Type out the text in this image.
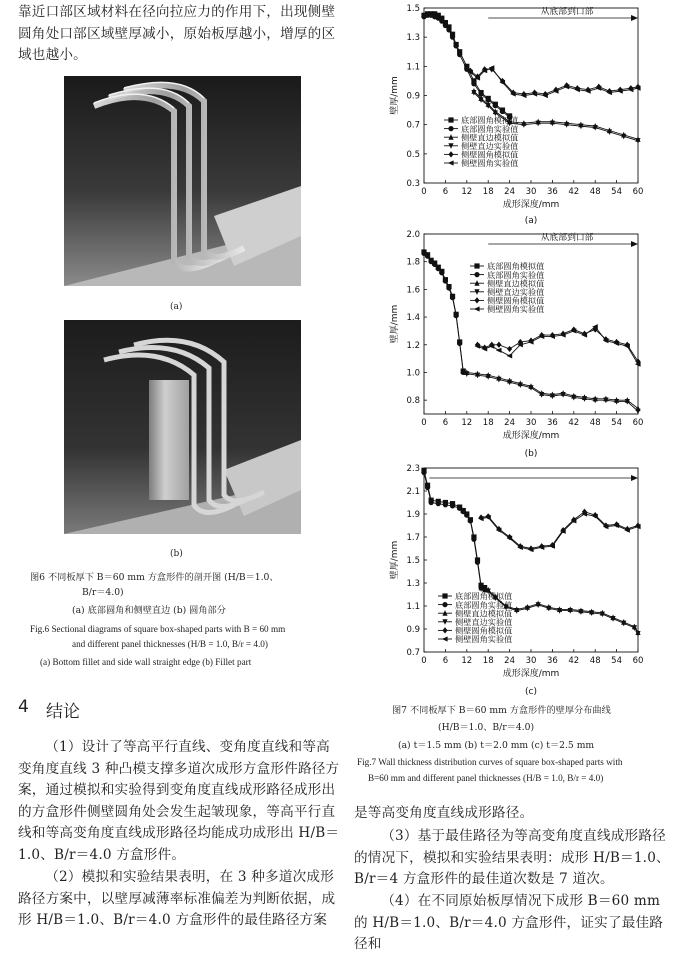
靠近口部区域材料在径向拉应力的作用下，出现侧壁圆角处口部区域壁厚减小，原始板厚越小，增厚的区域也越小。
(a)
(b)
图6 不同板厚下 B＝60 mm 方盒形件的剖开图 (H/B＝1.0、
B/r＝4.0)
(a) 底部圆角和侧壁直边 (b) 圆角部分
Fig.6 Sectional diagrams of square box-shaped parts with B = 60 mm
and different panel thicknesses (H/B = 1.0, B/r = 4.0)
(a) Bottom fillet and side wall straight edge (b) Fillet part
4 结论
（1）设计了等高平行直线、变角度直线和等高变角度直线 3 种凸模支撑多道次成形方盒形件路径方案，通过模拟和实验得到变角度直线成形路径成形出的方盒形件侧壁圆角处会发生起皱现象，等高平行直线和等高变角度直线成形路径均能成功成形出 H/B＝1.0、B/r＝4.0 方盒形件。
（2）模拟和实验结果表明，在 3 种多道次成形路径方案中，以壁厚减薄率标准偏差为判断依据，成形 H/B＝1.0、B/r＝4.0 方盒形件的最佳路径方案
0 6 12 18 24 30 36 42 48 54 60
0.3
0.5
0.7
0.9
1.1
1.3
1.5
成形深度/mm
壁厚/mm
从底部到口部
底部圆角模拟值
底部圆角实验值
侧壁直边模拟值
侧壁直边实验值
侧壁圆角模拟值
侧壁圆角实验值
(a)
0 6 12 18 24 30 36 42 48 54 60
0.8
1.0
1.2
1.4
1.6
1.8
2.0
成形深度/mm
壁厚/mm
从底部到口部
底部圆角模拟值
底部圆角实验值
侧壁直边模拟值
侧壁直边实验值
侧壁圆角模拟值
侧壁圆角实验值
(b)
0 6 12 18 24 30 36 42 48 54 60
0.7
0.9
1.1
1.3
1.5
1.7
1.9
2.1
2.3
成形深度/mm
壁厚/mm
底部圆角模拟值
底部圆角实验值
侧壁直边模拟值
侧壁直边实验值
侧壁圆角模拟值
侧壁圆角实验值
(c)
图7 不同板厚下 B＝60 mm 方盒形件的壁厚分布曲线
(H/B＝1.0、B/r＝4.0)
(a) t＝1.5 mm (b) t＝2.0 mm (c) t＝2.5 mm
Fig.7 Wall thickness distribution curves of square box-shaped parts with
B=60 mm and different panel thicknesses (H/B = 1.0, B/r = 4.0)
是等高变角度直线成形路径。
（3）基于最佳路径为等高变角度直线成形路径的情况下，模拟和实验结果表明：成形 H/B＝1.0、B/r＝4 方盒形件的最佳道次数是 7 道次。
（4）在不同原始板厚情况下成形 B＝60 mm 的 H/B＝1.0、B/r＝4.0 方盒形件，证实了最佳路径和
